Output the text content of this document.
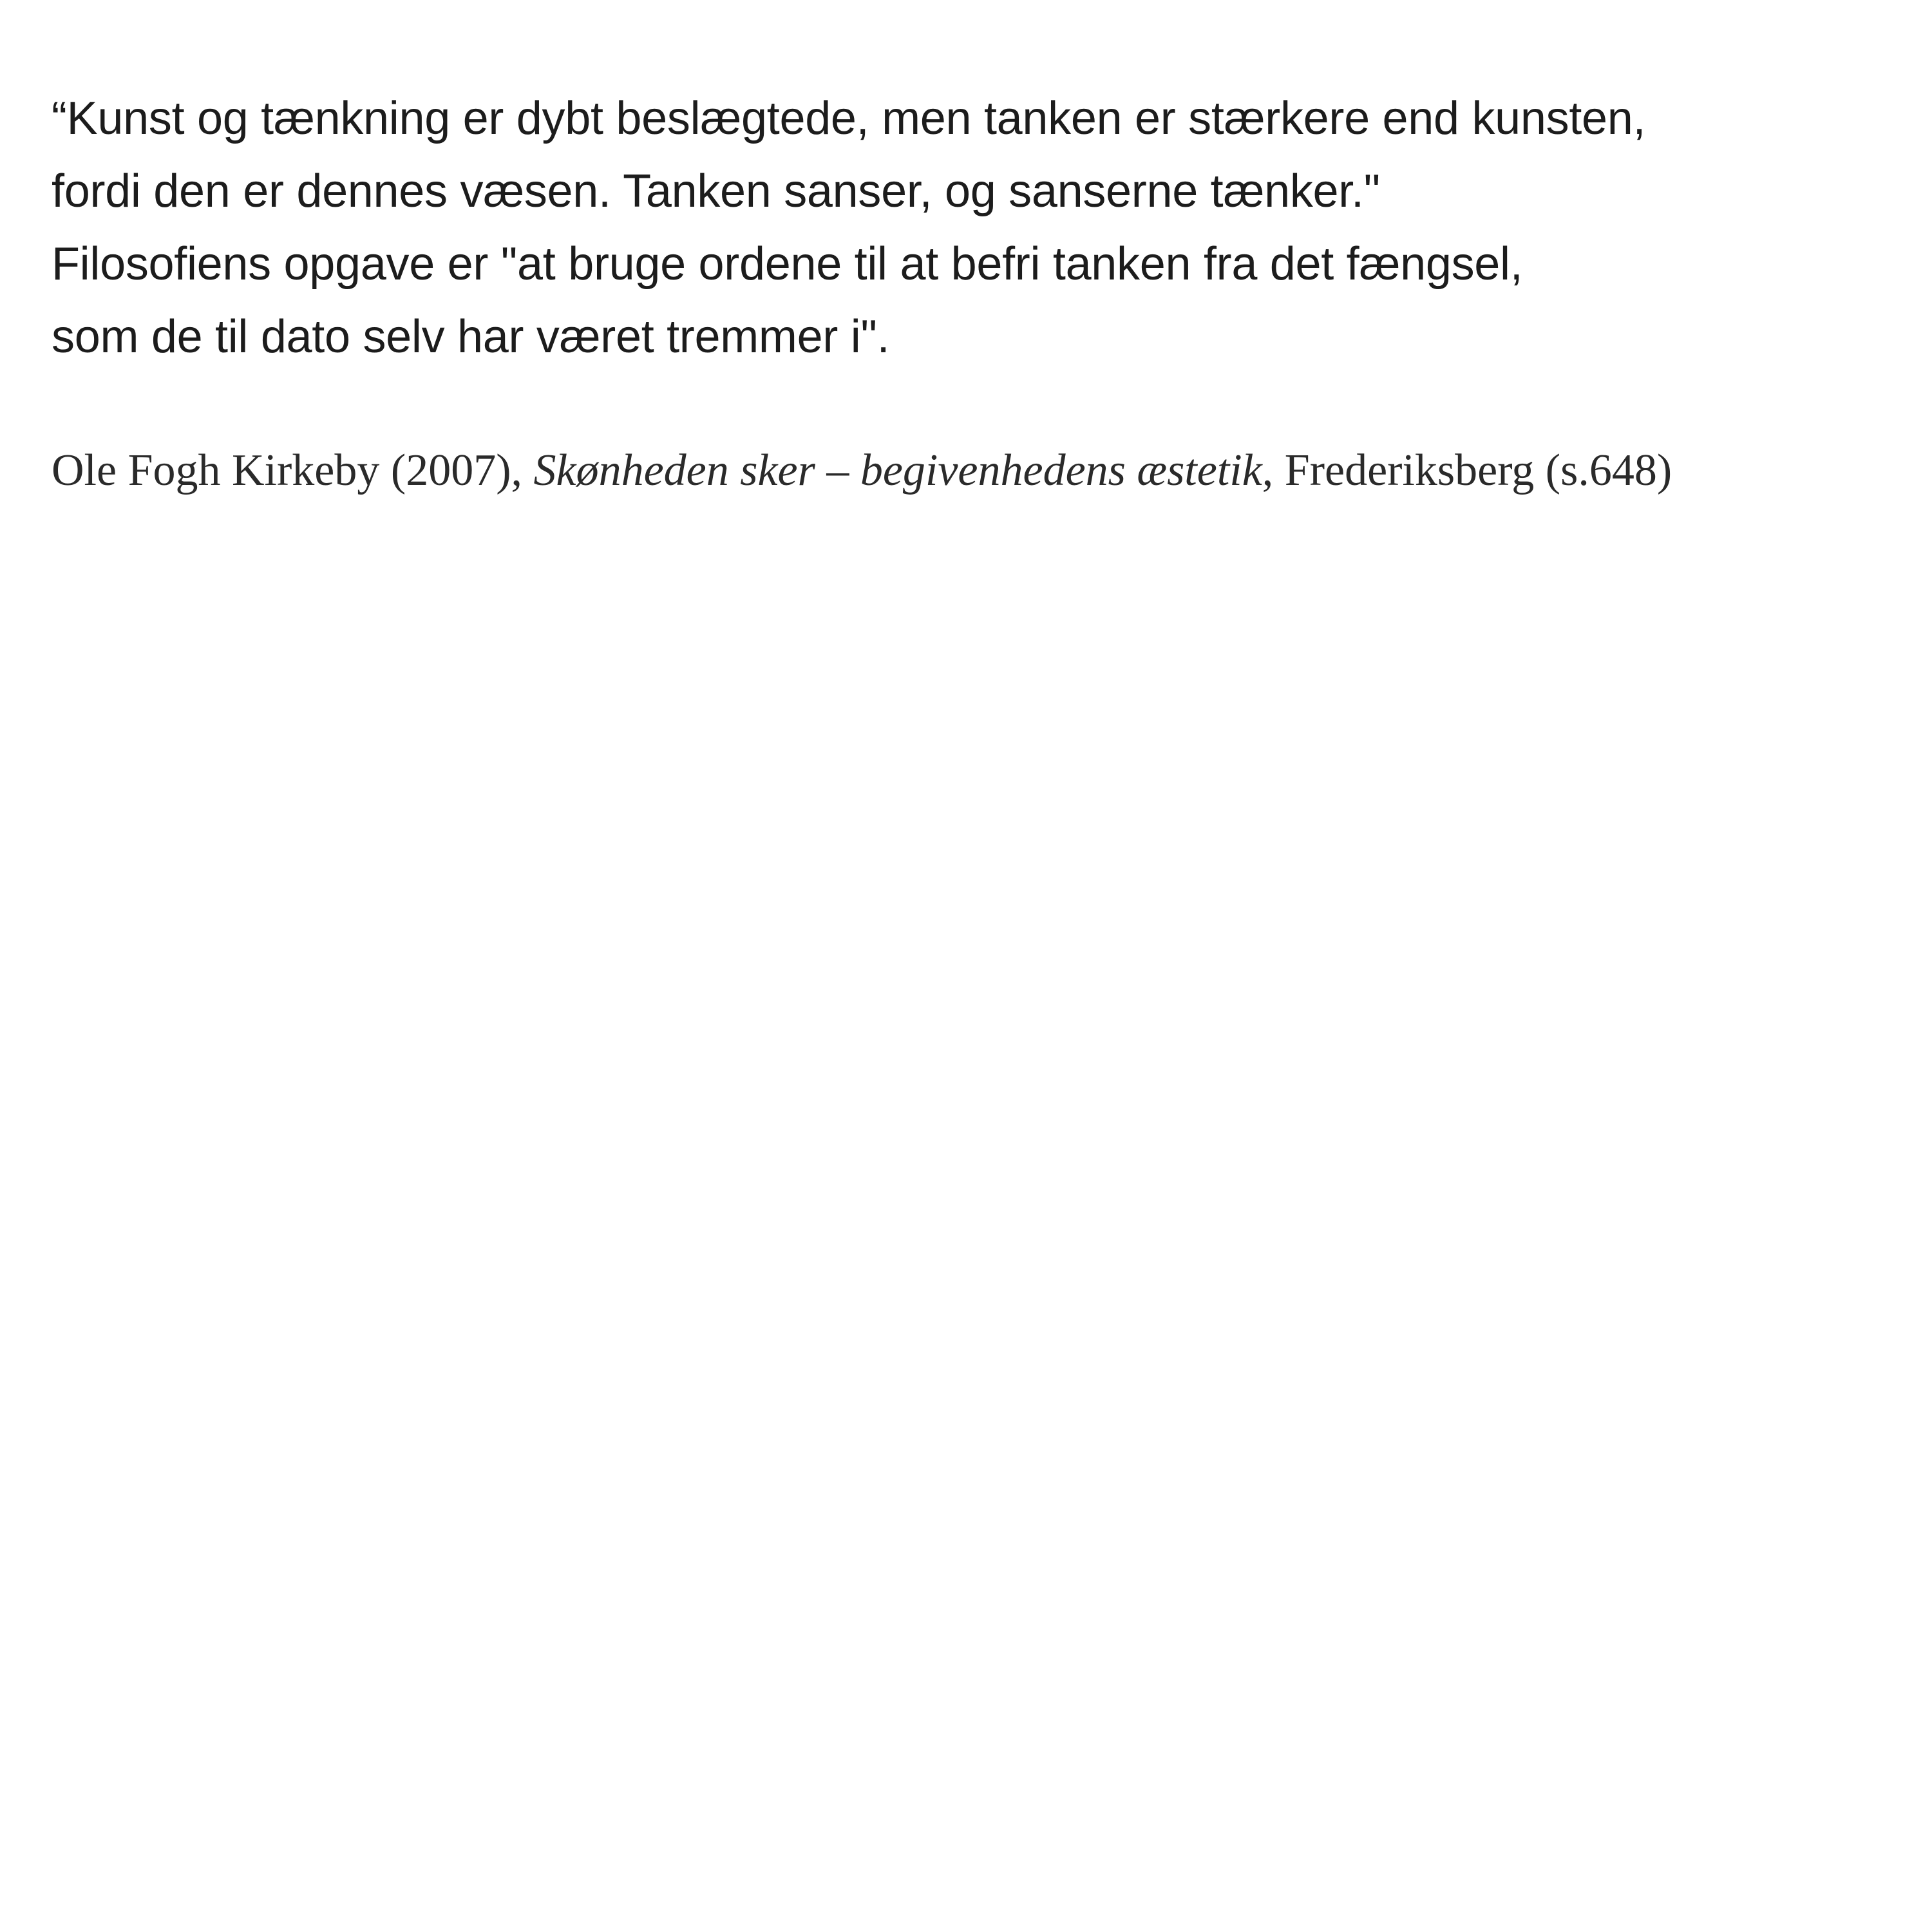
“Kunst og tænkning er dybt beslægtede, men tanken er stærkere end kunsten,
fordi den er dennes væsen. Tanken sanser, og sanserne tænker."
Filosofiens opgave er "at bruge ordene til at befri tanken fra det fængsel,
som de til dato selv har været tremmer i".
Ole Fogh Kirkeby (2007), Skønheden sker – begivenhedens æstetik, Frederiksberg (s.648)
